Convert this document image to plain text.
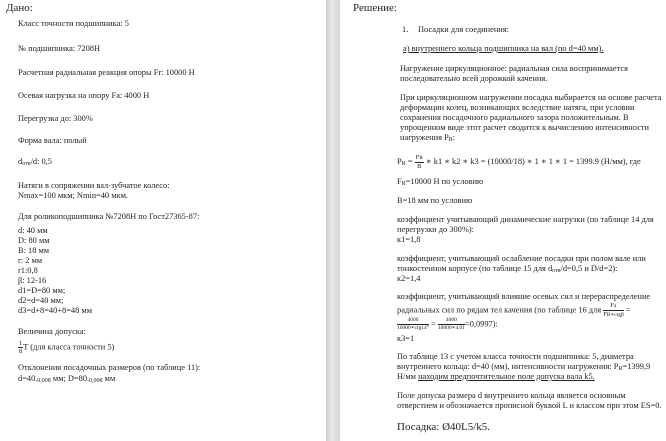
Дано:
Класс точности подшипника: 5
№ подшипника: 7208Н
Расчетная радиальная реакция опоры Fr: 10000 Н
Осевая нагрузка на опору Fa: 4000 Н
Перегрузка до: 300%
Форма вала: полый
dотв/d: 0,5
Натяги в сопряжении вал-зубчатое колесо:
Nmax=100 мкм; Nmin=40 мкм.
Для роликоподшипника №7208Н по Гост27365-87:
d: 40 мм
D: 80 мм
B: 18 мм
r: 2 мм
r1:0,8
β: 12-16
d1=D=80 мм;
d2=d=40 мм;
d3=d+8=40+8=48 мм
Величина допуска:
$\frac{1}{8}$ T (для класса точности 5)
Отклонения посадочных размеров (по таблице 11):
d=40-0,008 мм; D=80-0,008 мм
Решение:
1. Посадки для соединения:
а) внутреннего кольца подшипника на вал (по d=40 мм).
Нагружение циркуляционное: радиальная сила воспринимается
последовательно всей дорожкой качения.
При циркуляционном нагружении посадка выбирается на основе расчета
деформации колец, возникающих вследствие натяга, при условии
сохранения посадочного радиального зазора положительным. В
упрощенном виде этот расчет сводится к вычислению интенсивности
нагружения PR:
PR = $\frac{FR}{B}$ ∗ k1 ∗ k2 ∗ k3 = (10000/18) ∗ 1 ∗ 1 ∗ 1 = 1399.9 (Н/мм), где
FR=10000 Н по условию
B=18 мм по условию
коэффициент учитывающий динамические нагрузки (по таблице 14 для
перегрузки до 300%):
к1=1,8
коэффициент, учитывающий ослабление посадки при полом вале или
тонкостенном корпусе (по таблице 15 для dотв/d=0,5 и D/d=2):
к2=1,4
коэффициент, учитывающий влияние осевых сил и перераспределение
радиальных сил по рядам тел качения (по таблице 16 для $\frac{Fa}{\text{FR∗ctgβ}}$ =
$\frac{4000}{\text{10000∗ctg14°}} = \frac{4000}{10000∗4.01} =0,0997$):
к3=1
По таблице 13 с учетом класса точности подшипника: 5, диаметра
внутреннего кольца: d=40 (мм), интенсивности нагружения: PR=1399,9
Н/мм находим предпочтительное поле допуска вала k5.
Поле допуска размера d внутреннего кольца является основным
отверстием и обозначается прописной буквой L и классом при этом ES=0.
Посадка: Ø40L5/k5.
